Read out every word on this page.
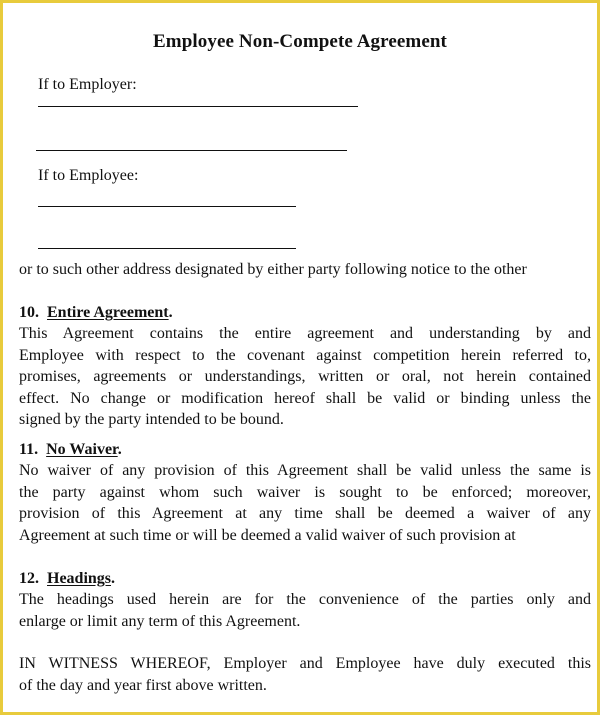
Employee Non-Compete Agreement
If to Employer:
If to Employee:
or to such other address designated by either party following notice to the other
10. Entire Agreement.
This Agreement contains the entire agreement and understanding by and
Employee with respect to the covenant against competition herein referred to,
promises, agreements or understandings, written or oral, not herein contained
effect. No change or modification hereof shall be valid or binding unless the
signed by the party intended to be bound.
11. No Waiver.
No waiver of any provision of this Agreement shall be valid unless the same is
the party against whom such waiver is sought to be enforced; moreover,
provision of this Agreement at any time shall be deemed a waiver of any
Agreement at such time or will be deemed a valid waiver of such provision at
12. Headings.
The headings used herein are for the convenience of the parties only and
enlarge or limit any term of this Agreement.
IN WITNESS WHEREOF, Employer and Employee have duly executed this
of the day and year first above written.
